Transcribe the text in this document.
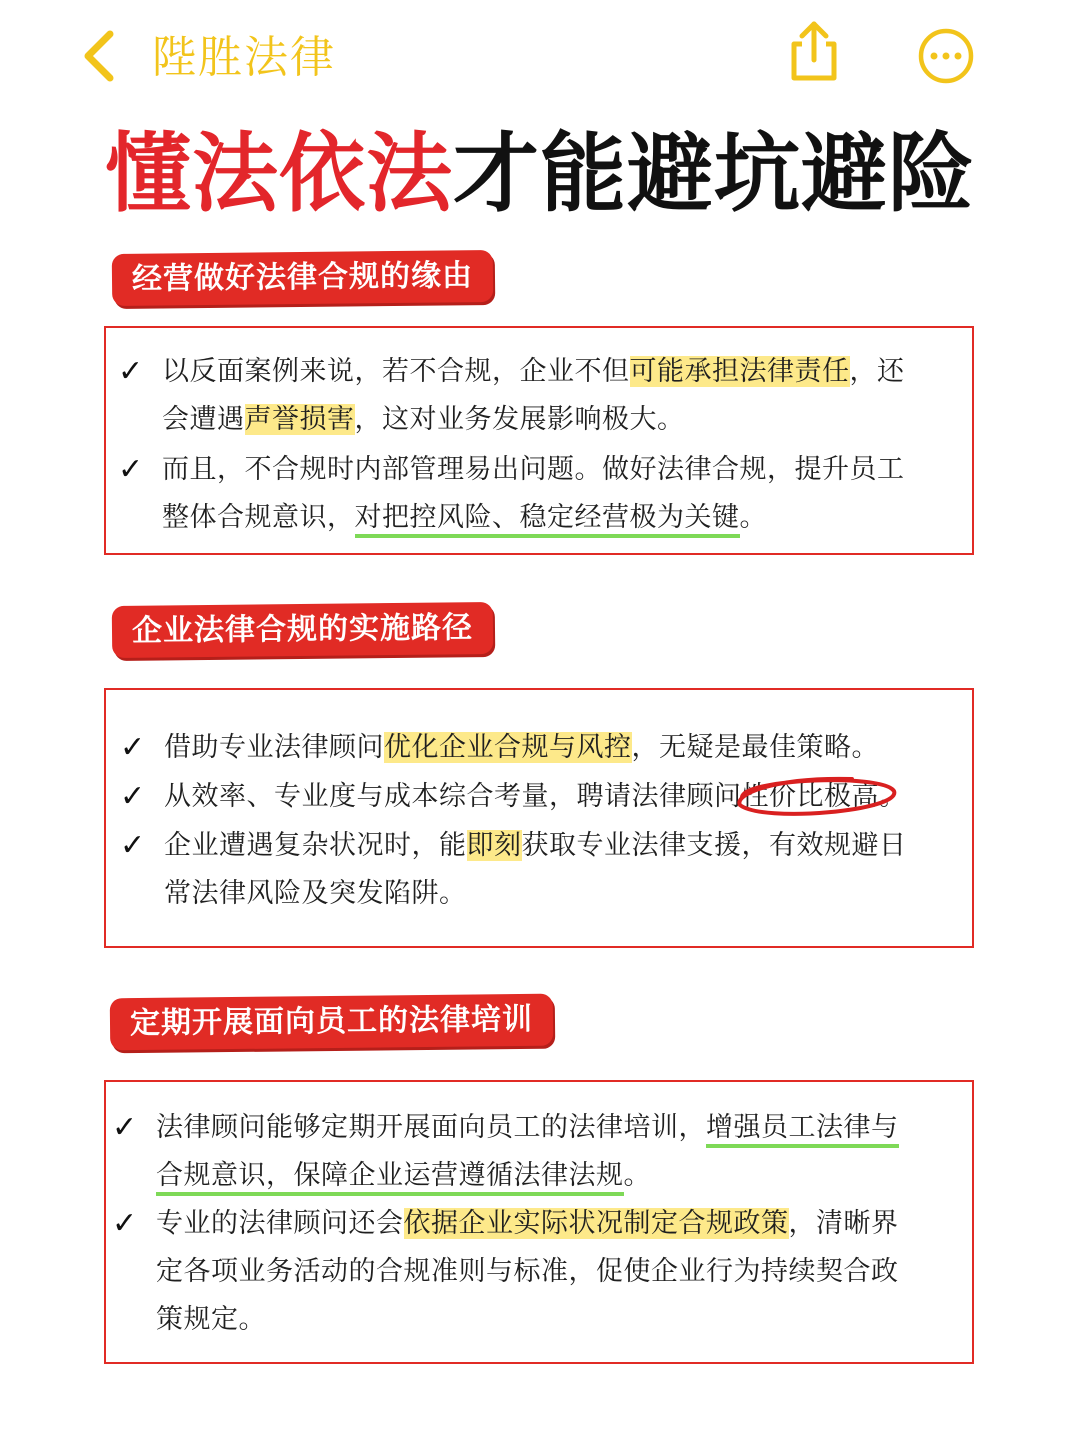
陛胜法律
懂法依法才能避坑避险
经营做好法律合规的缘由
✓ 以反面案例来说，若不合规，企业不但可能承担法律责任，还
会遭遇声誉损害，这对业务发展影响极大。
✓ 而且，不合规时内部管理易出问题。做好法律合规，提升员工
整体合规意识，对把控风险、稳定经营极为关键。
企业法律合规的实施路径
✓ 借助专业法律顾问优化企业合规与风控，无疑是最佳策略。
✓ 从效率、专业度与成本综合考量，聘请法律顾问性价比极高
。
✓ 企业遭遇复杂状况时，能即刻获取专业法律支援，有效规避日
常法律风险及突发陷阱。
定期开展面向员工的法律培训
✓ 法律顾问能够定期开展面向员工的法律培训，增强员工法律与
合规意识，保障企业运营遵循法律法规。
✓ 专业的法律顾问还会依据企业实际状况制定合规政策，清晰界
定各项业务活动的合规准则与标准，促使企业行为持续契合政
策规定。
